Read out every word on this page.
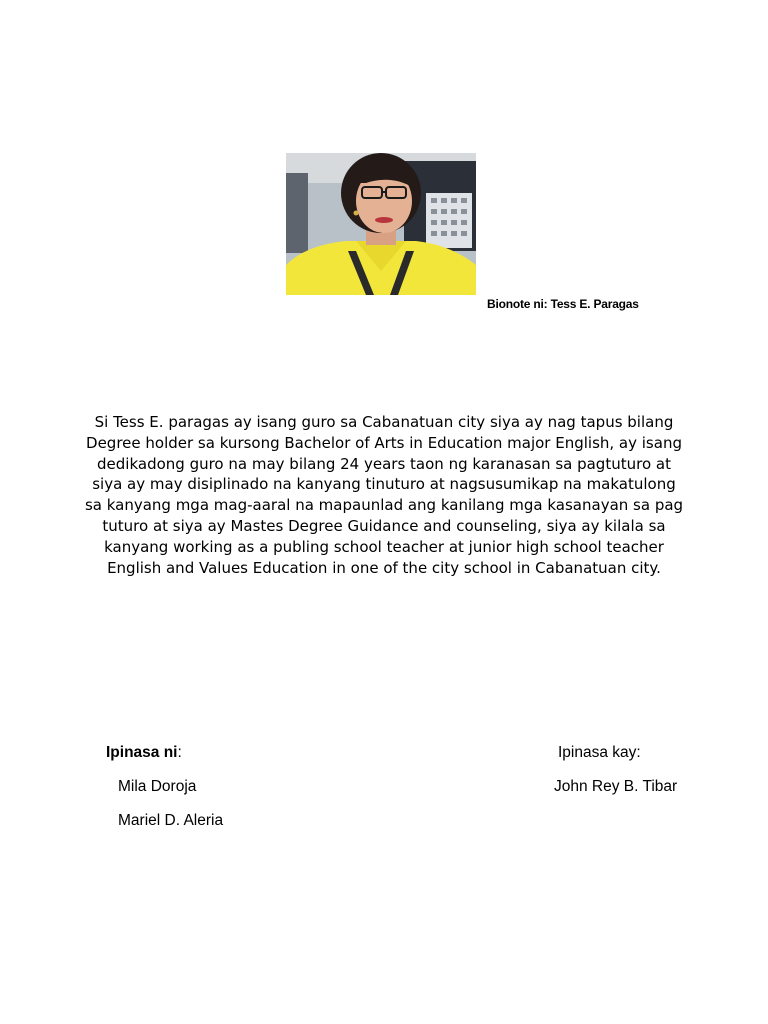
Bionote ni: Tess E. Paragas
Si Tess E. paragas ay isang guro sa Cabanatuan city siya ay nag tapus bilang Degree holder sa kursong Bachelor of Arts in Education major English, ay isang dedikadong guro na may bilang 24 years taon ng karanasan sa pagtuturo at siya ay may disiplinado na kanyang tinuturo at nagsusumikap na makatulong sa kanyang mga mag-aaral na mapaunlad ang kanilang mga kasanayan sa pag tuturo at siya ay Mastes Degree Guidance and counseling, siya ay kilala sa kanyang working as a publing school teacher at junior high school teacher English and Values Education in one of the city school in Cabanatuan city.
Ipinasa ni:
Mila Doroja
Mariel D. Aleria
Ipinasa kay:
John Rey B. Tibar
